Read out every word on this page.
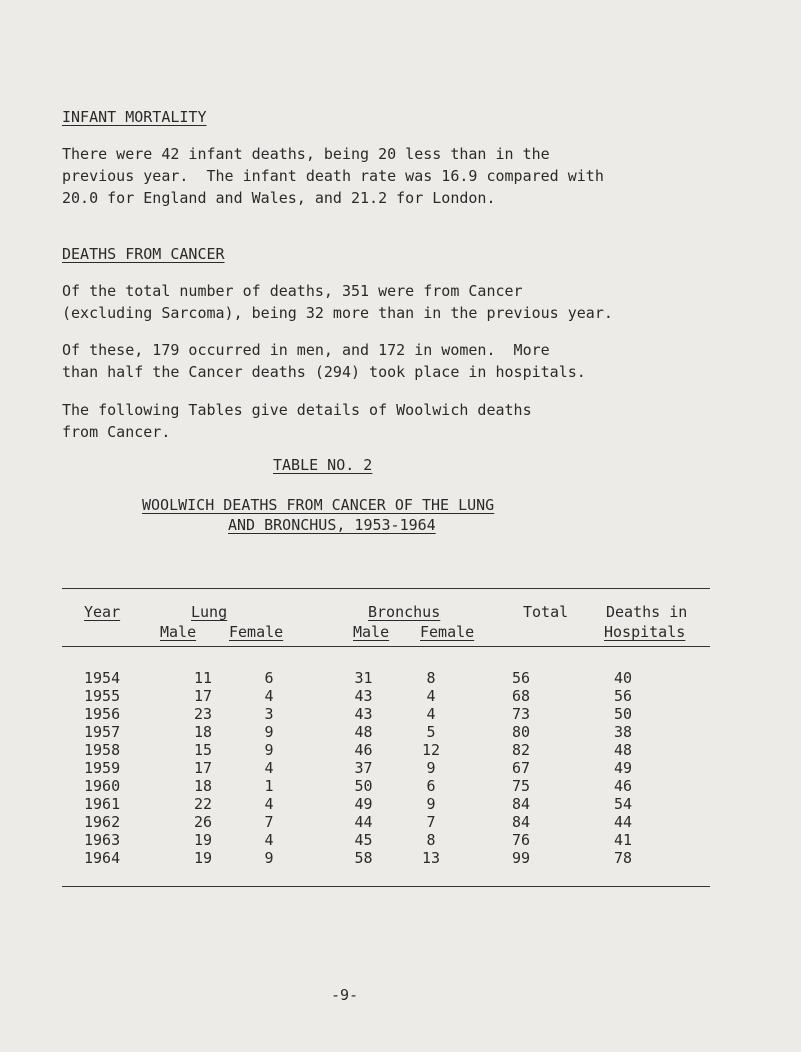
INFANT MORTALITY
There were 42 infant deaths, being 20 less than in the
previous year.  The infant death rate was 16.9 compared with
20.0 for England and Wales, and 21.2 for London.
DEATHS FROM CANCER
Of the total number of deaths, 351 were from Cancer
(excluding Sarcoma), being 32 more than in the previous year.
Of these, 179 occurred in men, and 172 in women.  More
than half the Cancer deaths (294) took place in hospitals.
The following Tables give details of Woolwich deaths
from Cancer.
TABLE NO. 2
WOOLWICH DEATHS FROM CANCER OF THE LUNG
AND BRONCHUS, 1953-1964
Year	Lung	Bronchus	Total	Deaths in
Male Female	Male Female	Hospitals
1954	11	6		31	8	56	40
1955	17	4		43	4	68	56
1956	23	3		43	4	73	50
1957	18	9		48	5	80	38
1958	15	9		46	12	82	48
1959	17	4		37	9	67	49
1960	18	1		50	6	75	46
1961	22	4		49	9	84	54
1962	26	7		44	7	84	44
1963	19	4		45	8	76	41
1964	19	9		58	13	99	78
-9-
